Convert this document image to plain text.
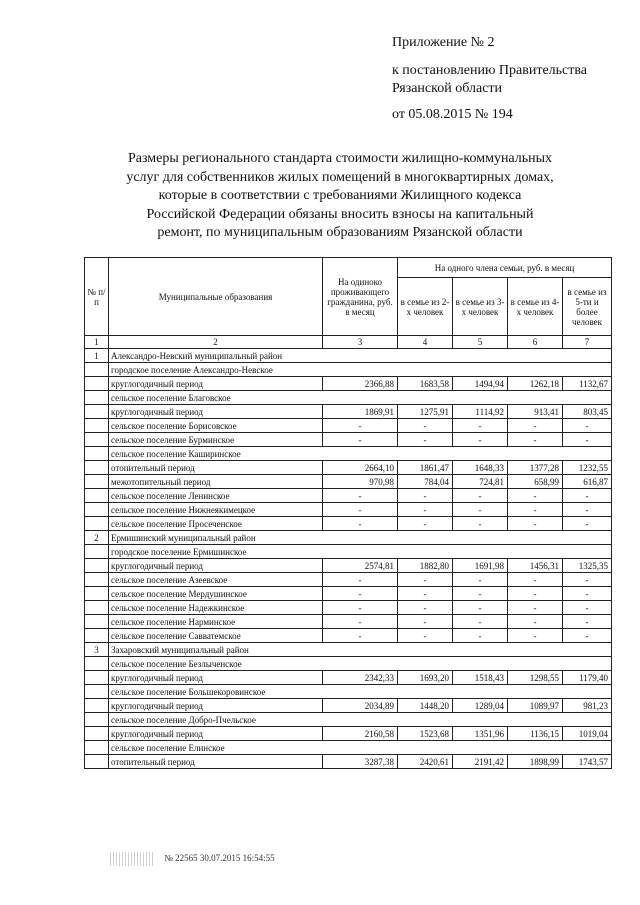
Приложение № 2
к постановлению Правительства
Рязанской области
от 05.08.2015 № 194
Размеры регионального стандарта стоимости жилищно-коммунальных
услуг для собственников жилых помещений в многоквартирных домах,
которые в соответствии с требованиями Жилищного кодекса
Российской Федерации обязаны вносить взносы на капитальный
ремонт, по муниципальным образованиям Рязанской области
№ п/п	Муниципальные образования	На одиноко проживающего гражданина, руб. в месяц	На одного члена семьи, руб. в месяц			
			в семье из 2-х человек	в семье из 3-х человек	в семье из 4-х человек	в семье из 5-ти и более человек
1	2	3	4	5	6	7
1	Александро-Невский муниципальный район					
	городское поселение Александро-Невское					
	круглогодичный период	2366,88	1683,58	1494,94	1262,18	1132,67
	сельское поселение Благовское					
	круглогодичный период	1869,91	1275,91	1114,92	913,41	803,45
	сельское поселение Борисовское	-	-	-	-	-
	сельское поселение Бурминское	-	-	-	-	-
	сельское поселение Каширинское					
	отопительный период	2664,10	1861,47	1648,33	1377,28	1232,55
	межотопительный период	970,98	784,04	724,81	658,99	616,87
	сельское поселение Ленинское	-	-	-	-	-
	сельское поселение Нижнеякимецкое	-	-	-	-	-
	сельское поселение Просеченское	-	-	-	-	-
2	Ермишинский муниципальный район					
	городское поселение Ермишинское					
	круглогодичный период	2574,81	1882,80	1691,98	1456,31	1325,35
	сельское поселение Азеевское	-	-	-	-	-
	сельское поселение Мердушинское	-	-	-	-	-
	сельское поселение Надежкинское	-	-	-	-	-
	сельское поселение Нарминское	-	-	-	-	-
	сельское поселение Савватемское	-	-	-	-	-
3	Захаровский муниципальный район					
	сельское поселение Безлыченское					
	круглогодичный период	2342,33	1693,20	1518,43	1298,55	1179,40
	сельское поселение Большекоровинское					
	круглогодичный период	2034,89	1448,20	1289,04	1089,97	981,23
	сельское поселение Добро-Пчельское					
	круглогодичный период	2160,58	1523,68	1351,96	1136,15	1019,04
	сельское поселение Елинское					
	отопительный период	3287,38	2420,61	2191,42	1898,99	1743,57
№ 22565 30.07.2015 16:54:55
